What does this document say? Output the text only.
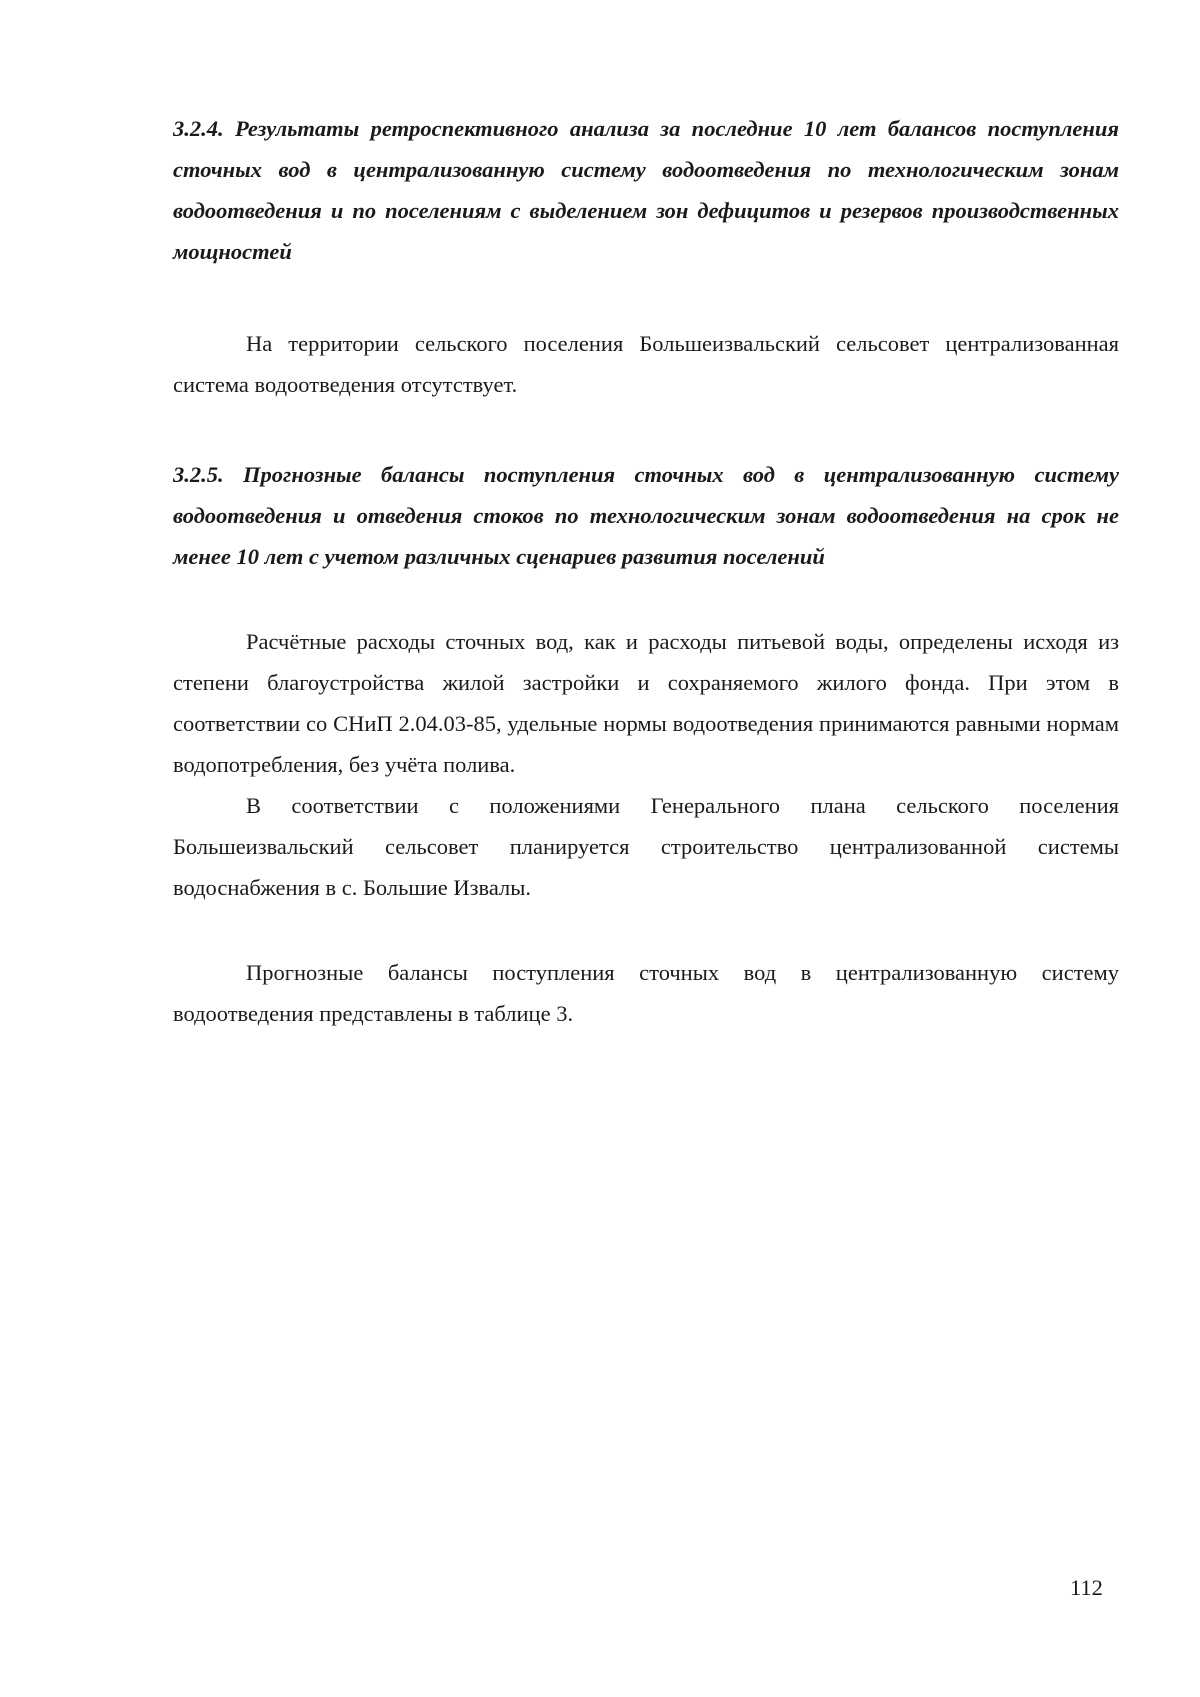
3.2.4. Результаты ретроспективного анализа за последние 10 лет балансов поступления сточных вод в централизованную систему водоотведения по технологическим зонам водоотведения и по поселениям с выделением зон дефицитов и резервов производственных мощностей

На территории сельского поселения Большеизвальский сельсовет централизованная система водоотведения отсутствует.

3.2.5. Прогнозные балансы поступления сточных вод в централизованную систему водоотведения и отведения стоков по технологическим зонам водоотведения на срок не менее 10 лет с учетом различных сценариев развития поселений

Расчётные расходы сточных вод, как и расходы питьевой воды, определены исходя из степени благоустройства жилой застройки и сохраняемого жилого фонда. При этом в соответствии со СНиП 2.04.03-85, удельные нормы водоотведения принимаются равными нормам водопотребления, без учёта полива.

В соответствии с положениями Генерального плана сельского поселения Большеизвальский сельсовет планируется строительство централизованной системы водоснабжения в с. Большие Извалы.

Прогнозные балансы поступления сточных вод в централизованную систему водоотведения представлены в таблице 3.

112
